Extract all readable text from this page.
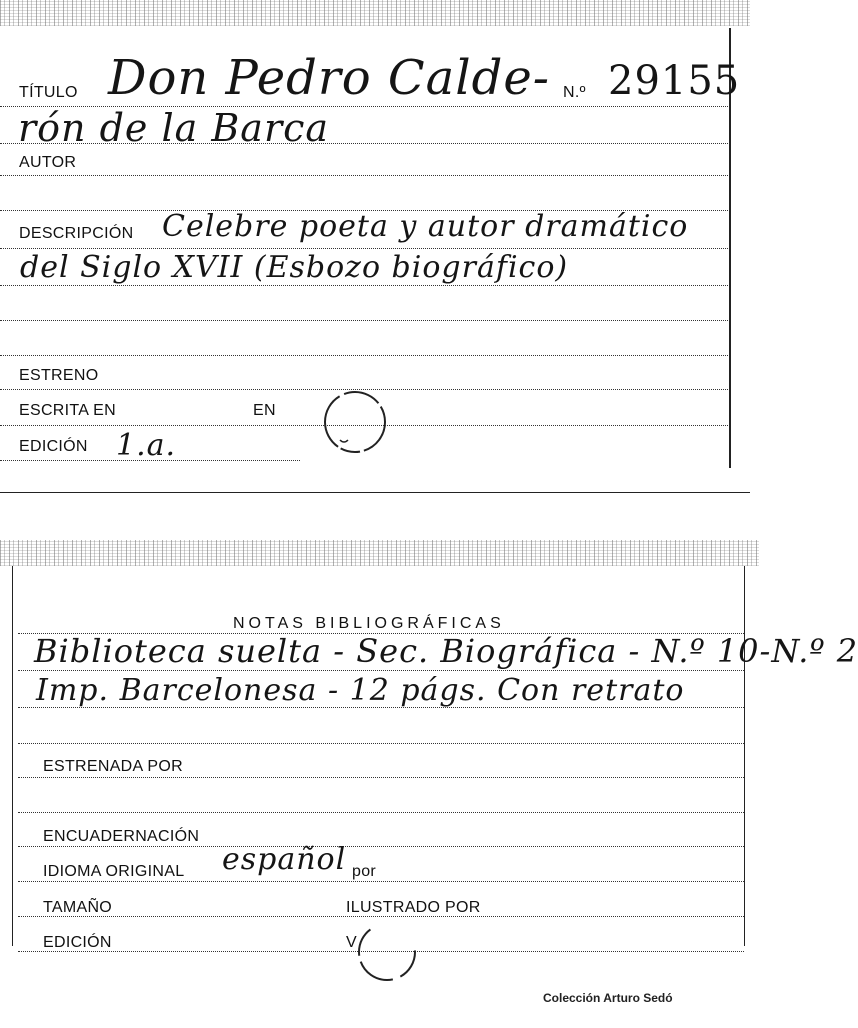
TÍTULO Don Pedro Calde- N.º 29155
rón de la Barca
AUTOR
DESCRIPCIÓN Celebre poeta y autor dramático
del Siglo XVII (Esbozo biográfico)
ESTRENO
ESCRITA EN	EN
EDICIÓN 1.a.
NOTAS BIBLIOGRÁFICAS
Biblioteca suelta - Sec. Biográfica - N.º 10-N.º 2
Imp. Barcelonesa - 12 págs. Con retrato
ESTRENADA POR
ENCUADERNACIÓN
IDIOMA ORIGINAL español por
TAMAÑO	ILUSTRADO POR
EDICIÓN	V
Colección Arturo Sedó
